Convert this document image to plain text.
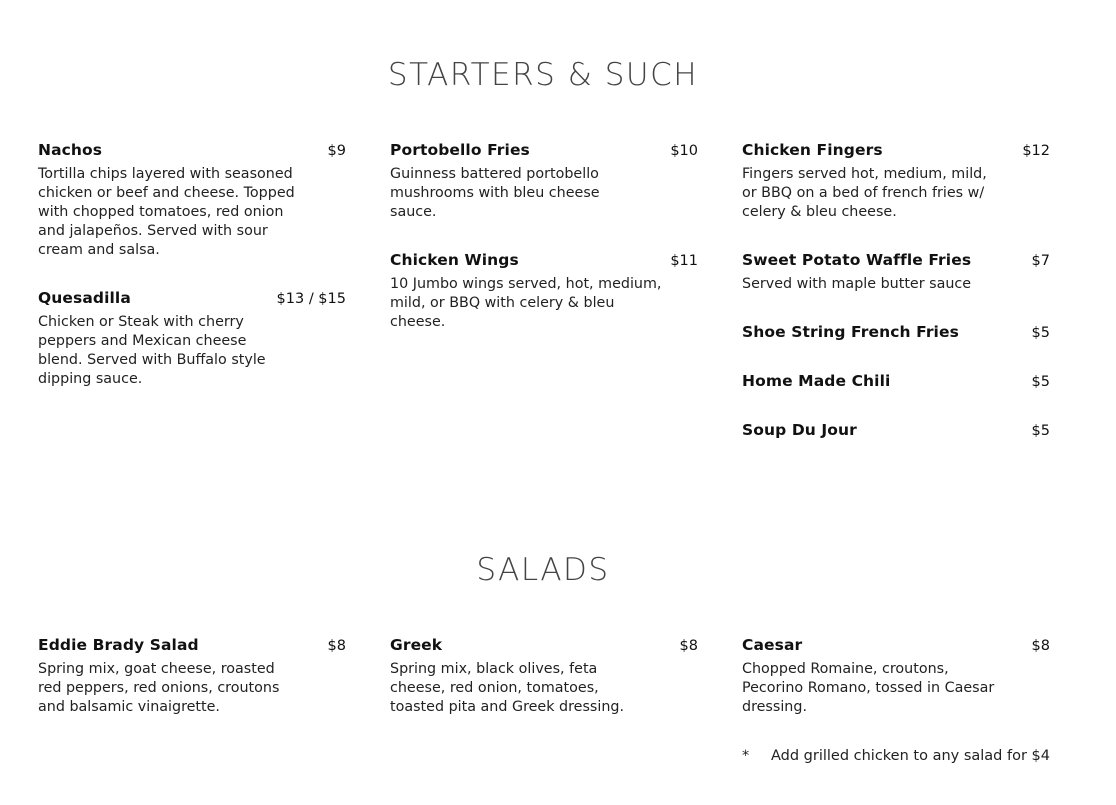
STARTERS & SUCH
Nachos	$9
Tortilla chips layered with seasoned chicken or beef and cheese. Topped with chopped tomatoes, red onion and jalapeños. Served with sour cream and salsa.
Quesadilla	$13 / $15
Chicken or Steak with cherry peppers and Mexican cheese blend. Served with Buffalo style dipping sauce.
Portobello Fries	$10
Guinness battered portobello mushrooms with bleu cheese sauce.
Chicken Wings	$11
10 Jumbo wings served, hot, medium, mild, or BBQ with celery & bleu cheese.
Chicken Fingers	$12
Fingers served hot, medium, mild, or BBQ on a bed of french fries w/ celery & bleu cheese.
Sweet Potato Waffle Fries	$7
Served with maple butter sauce
Shoe String French Fries	$5
Home Made Chili	$5
Soup Du Jour	$5
SALADS
Eddie Brady Salad	$8
Spring mix, goat cheese, roasted red peppers, red onions, croutons and balsamic vinaigrette.
Greek	$8
Spring mix, black olives, feta cheese, red onion, tomatoes, toasted pita and Greek dressing.
Caesar	$8
Chopped Romaine, croutons, Pecorino Romano, tossed in Caesar dressing.
* Add grilled chicken to any salad for $4
